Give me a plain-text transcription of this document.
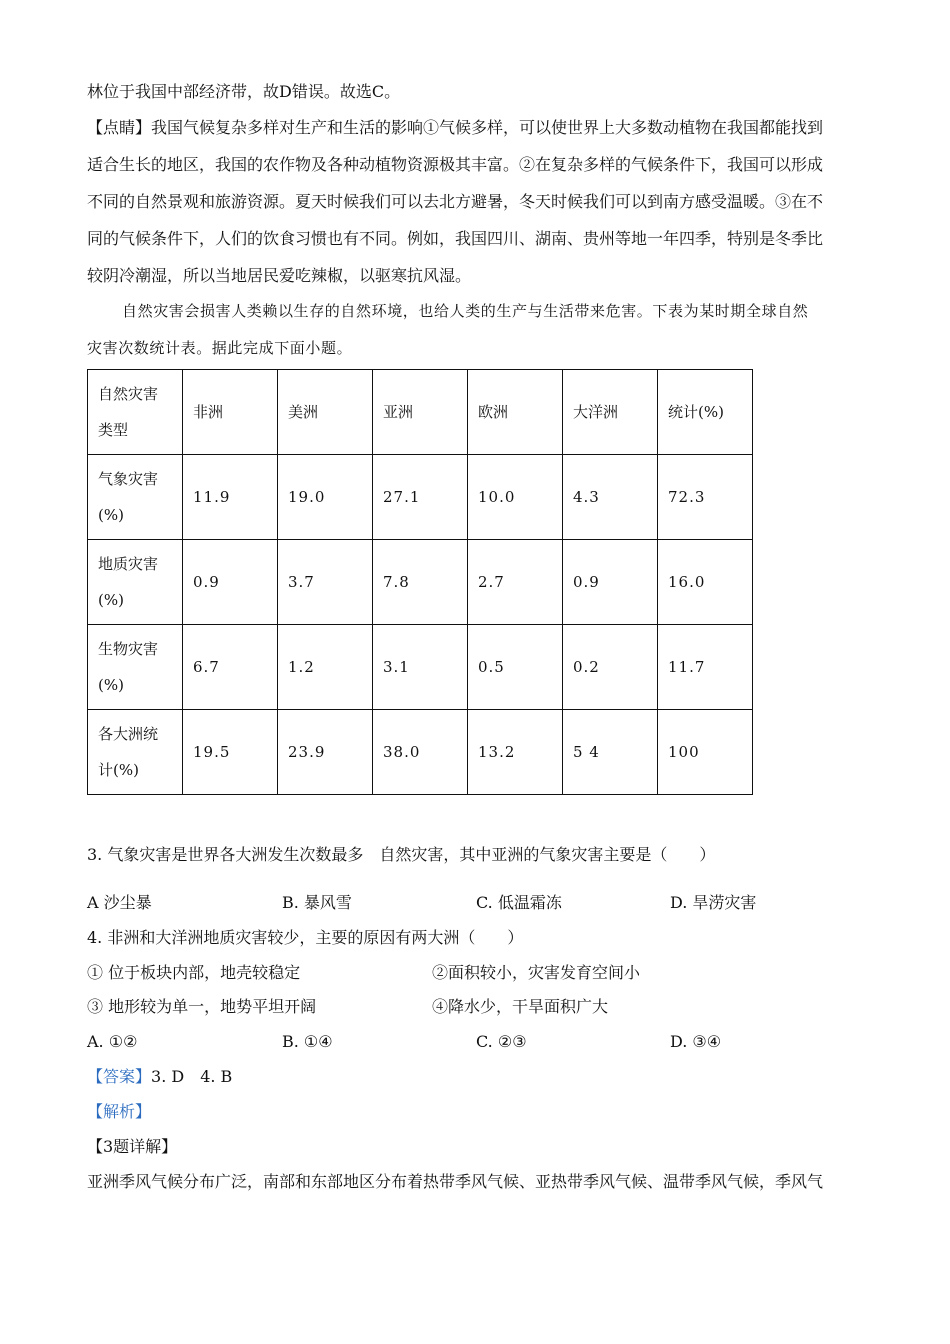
林位于我国中部经济带，故D错误。故选C。
【点睛】我国气候复杂多样对生产和生活的影响①气候多样，可以使世界上大多数动植物在我国都能找到
适合生长的地区，我国的农作物及各种动植物资源极其丰富。②在复杂多样的气候条件下，我国可以形成
不同的自然景观和旅游资源。夏天时候我们可以去北方避暑，冬天时候我们可以到南方感受温暖。③在不
同的气候条件下，人们的饮食习惯也有不同。例如，我国四川、湖南、贵州等地一年四季，特别是冬季比
较阴冷潮湿，所以当地居民爱吃辣椒，以驱寒抗风湿。
自然灾害会损害人类赖以生存的自然环境，也给人类的生产与生活带来危害。下表为某时期全球自然
灾害次数统计表。据此完成下面小题。
自然灾害类型	非洲	美洲	亚洲	欧洲	大洋洲	统计(%)
气象灾害(%)	11.9	19.0	27.1	10.0	4.3	72.3
地质灾害(%)	0.9	3.7	7.8	2.7	0.9	16.0
生物灾害(%)	6.7	1.2	3.1	0.5	0.2	11.7
各大洲统计(%)	19.5	23.9	38.0	13.2	5 4	100
3. 气象灾害是世界各大洲发生次数最多　自然灾害，其中亚洲的气象灾害主要是（　　）
A 沙尘暴	B. 暴风雪	C. 低温霜冻	D. 旱涝灾害
4. 非洲和大洋洲地质灾害较少，主要的原因有两大洲（　　）
① 位于板块内部，地壳较稳定	②面积较小，灾害发育空间小
③ 地形较为单一，地势平坦开阔	④降水少，干旱面积广大
A. ①②	B. ①④	C. ②③	D. ③④
【答案】3. D　4. B
【解析】
【3题详解】
亚洲季风气候分布广泛，南部和东部地区分布着热带季风气候、亚热带季风气候、温带季风气候，季风气
